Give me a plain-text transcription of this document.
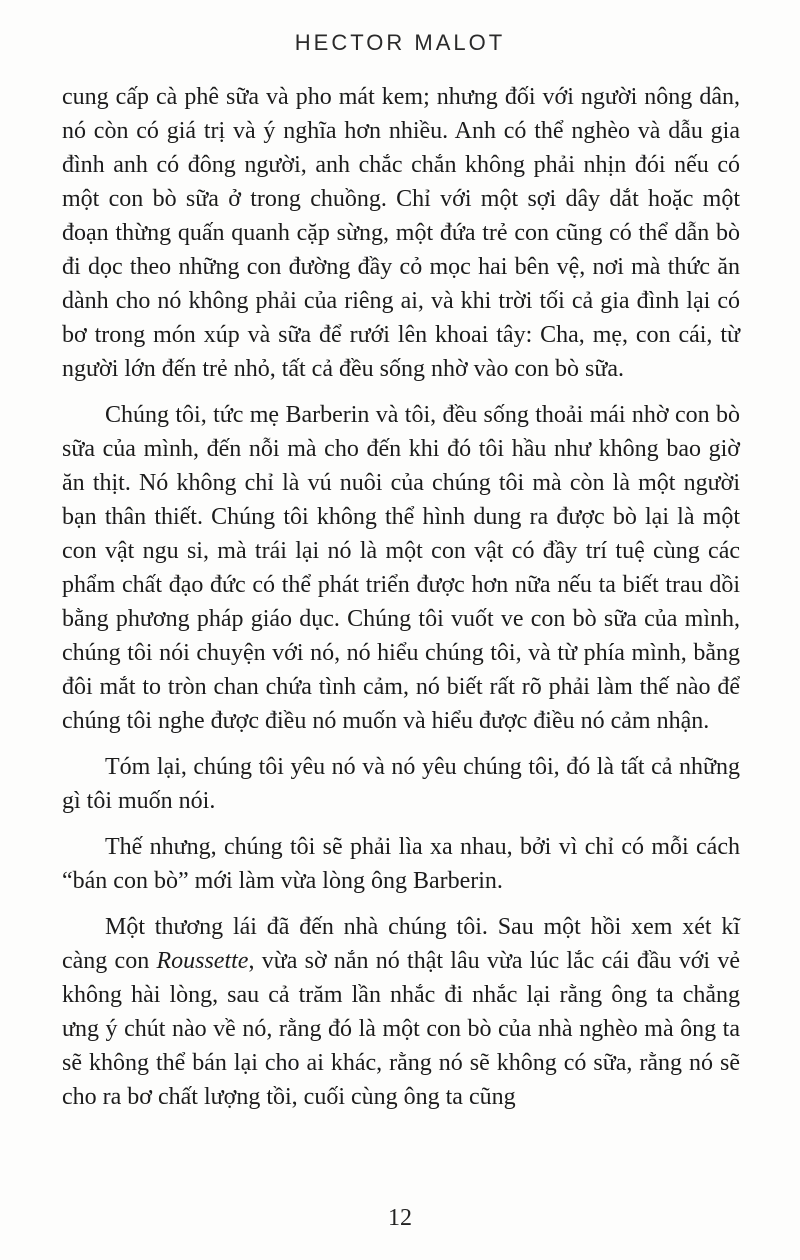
HECTOR MALOT

cung cấp cà phê sữa và pho mát kem; nhưng đối với người nông dân, nó còn có giá trị và ý nghĩa hơn nhiều. Anh có thể nghèo và dẫu gia đình anh có đông người, anh chắc chắn không phải nhịn đói nếu có một con bò sữa ở trong chuồng. Chỉ với một sợi dây dắt hoặc một đoạn thừng quấn quanh cặp sừng, một đứa trẻ con cũng có thể dẫn bò đi dọc theo những con đường đầy cỏ mọc hai bên vệ, nơi mà thức ăn dành cho nó không phải của riêng ai, và khi trời tối cả gia đình lại có bơ trong món xúp và sữa để rưới lên khoai tây: Cha, mẹ, con cái, từ người lớn đến trẻ nhỏ, tất cả đều sống nhờ vào con bò sữa.

Chúng tôi, tức mẹ Barberin và tôi, đều sống thoải mái nhờ con bò sữa của mình, đến nỗi mà cho đến khi đó tôi hầu như không bao giờ ăn thịt. Nó không chỉ là vú nuôi của chúng tôi mà còn là một người bạn thân thiết. Chúng tôi không thể hình dung ra được bò lại là một con vật ngu si, mà trái lại nó là một con vật có đầy trí tuệ cùng các phẩm chất đạo đức có thể phát triển được hơn nữa nếu ta biết trau dồi bằng phương pháp giáo dục. Chúng tôi vuốt ve con bò sữa của mình, chúng tôi nói chuyện với nó, nó hiểu chúng tôi, và từ phía mình, bằng đôi mắt to tròn chan chứa tình cảm, nó biết rất rõ phải làm thế nào để chúng tôi nghe được điều nó muốn và hiểu được điều nó cảm nhận.

Tóm lại, chúng tôi yêu nó và nó yêu chúng tôi, đó là tất cả những gì tôi muốn nói.

Thế nhưng, chúng tôi sẽ phải lìa xa nhau, bởi vì chỉ có mỗi cách “bán con bò” mới làm vừa lòng ông Barberin.

Một thương lái đã đến nhà chúng tôi. Sau một hồi xem xét kĩ càng con Roussette, vừa sờ nắn nó thật lâu vừa lúc lắc cái đầu với vẻ không hài lòng, sau cả trăm lần nhắc đi nhắc lại rằng ông ta chẳng ưng ý chút nào về nó, rằng đó là một con bò của nhà nghèo mà ông ta sẽ không thể bán lại cho ai khác, rằng nó sẽ không có sữa, rằng nó sẽ cho ra bơ chất lượng tồi, cuối cùng ông ta cũng

12
